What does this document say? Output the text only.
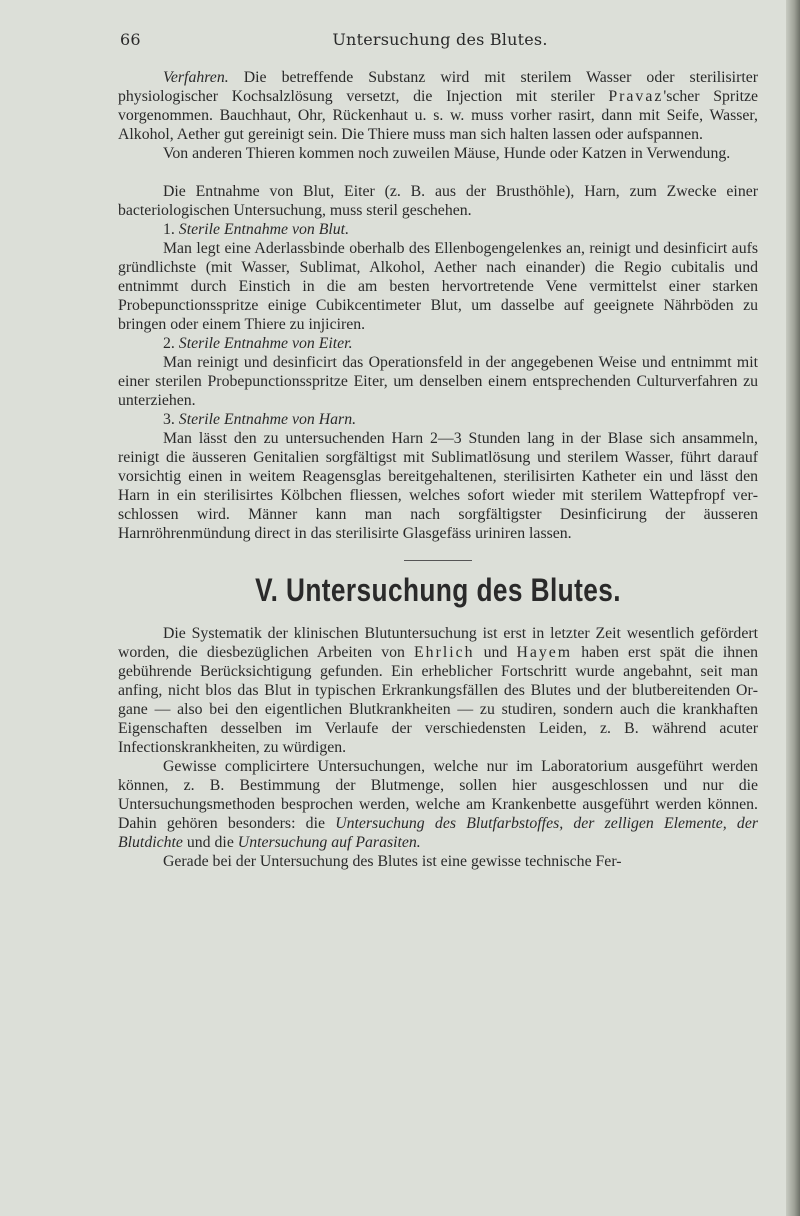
66	Untersuchung des Blutes.

Verfahren. Die betreffende Substanz wird mit sterilem Wasser oder sterilisirter physiologischer Kochsalzlösung versetzt, die Injection mit steriler Pravaz'scher Spritze vorgenommen. Bauchhaut, Ohr, Rückenhaut u. s. w. muss vorher rasirt, dann mit Seife, Wasser, Alkohol, Aether gut gereinigt sein. Die Thiere muss man sich halten lassen oder aufspannen.

Von anderen Thieren kommen noch zuweilen Mäuse, Hunde oder Katzen in Verwendung.

Die Entnahme von Blut, Eiter (z. B. aus der Brusthöhle), Harn, zum Zwecke einer bacteriologischen Untersuchung, muss steril geschehen.

1. Sterile Entnahme von Blut.

Man legt eine Aderlassbinde oberhalb des Ellenbogengelenkes an, reinigt und desinficirt aufs gründlichste (mit Wasser, Sublimat, Alkohol, Aether nach einander) die Regio cubitalis und entnimmt durch Einstich in die am besten hervortretende Vene vermittelst einer starken Probepunctionsspritze einige Cubikcentimeter Blut, um dasselbe auf geeignete Nährböden zu bringen oder einem Thiere zu injiciren.

2. Sterile Entnahme von Eiter.

Man reinigt und desinficirt das Operationsfeld in der angegebenen Weise und entnimmt mit einer sterilen Probepunctionsspritze Eiter, um denselben einem entsprechenden Culturverfahren zu unterziehen.

3. Sterile Entnahme von Harn.

Man lässt den zu untersuchenden Harn 2—3 Stunden lang in der Blase sich ansammeln, reinigt die äusseren Genitalien sorgfältigst mit Sublimatlösung und sterilem Wasser, führt darauf vorsichtig einen in weitem Reagensglas bereitgehaltenen, sterilisirten Katheter ein und lässt den Harn in ein sterilisirtes Kölbchen fliessen, welches sofort wieder mit sterilem Wattepfropf verschlossen wird. Männer kann man nach sorgfältigster Desinficirung der äusseren Harnröhrenmündung direct in das sterilisirte Glasgefäss uriniren lassen.

V. Untersuchung des Blutes.

Die Systematik der klinischen Blutuntersuchung ist erst in letzter Zeit wesentlich gefördert worden, die diesbezüglichen Arbeiten von Ehrlich und Hayem haben erst spät die ihnen gebührende Berücksichtigung gefunden. Ein erheblicher Fortschritt wurde angebahnt, seit man anfing, nicht blos das Blut in typischen Erkrankungsfällen des Blutes und der blutbereitenden Organe — also bei den eigentlichen Blutkrankheiten — zu studiren, sondern auch die krankhaften Eigenschaften desselben im Verlaufe der verschiedensten Leiden, z. B. während acuter Infectionskrankheiten, zu würdigen.

Gewisse complicirtere Untersuchungen, welche nur im Laboratorium ausgeführt werden können, z. B. Bestimmung der Blutmenge, sollen hier ausgeschlossen und nur die Untersuchungsmethoden besprochen werden, welche am Krankenbette ausgeführt werden können. Dahin gehören besonders: die Untersuchung des Blutfarbstoffes, der zelligen Elemente, der Blutdichte und die Untersuchung auf Parasiten.

Gerade bei der Untersuchung des Blutes ist eine gewisse technische Fer-
